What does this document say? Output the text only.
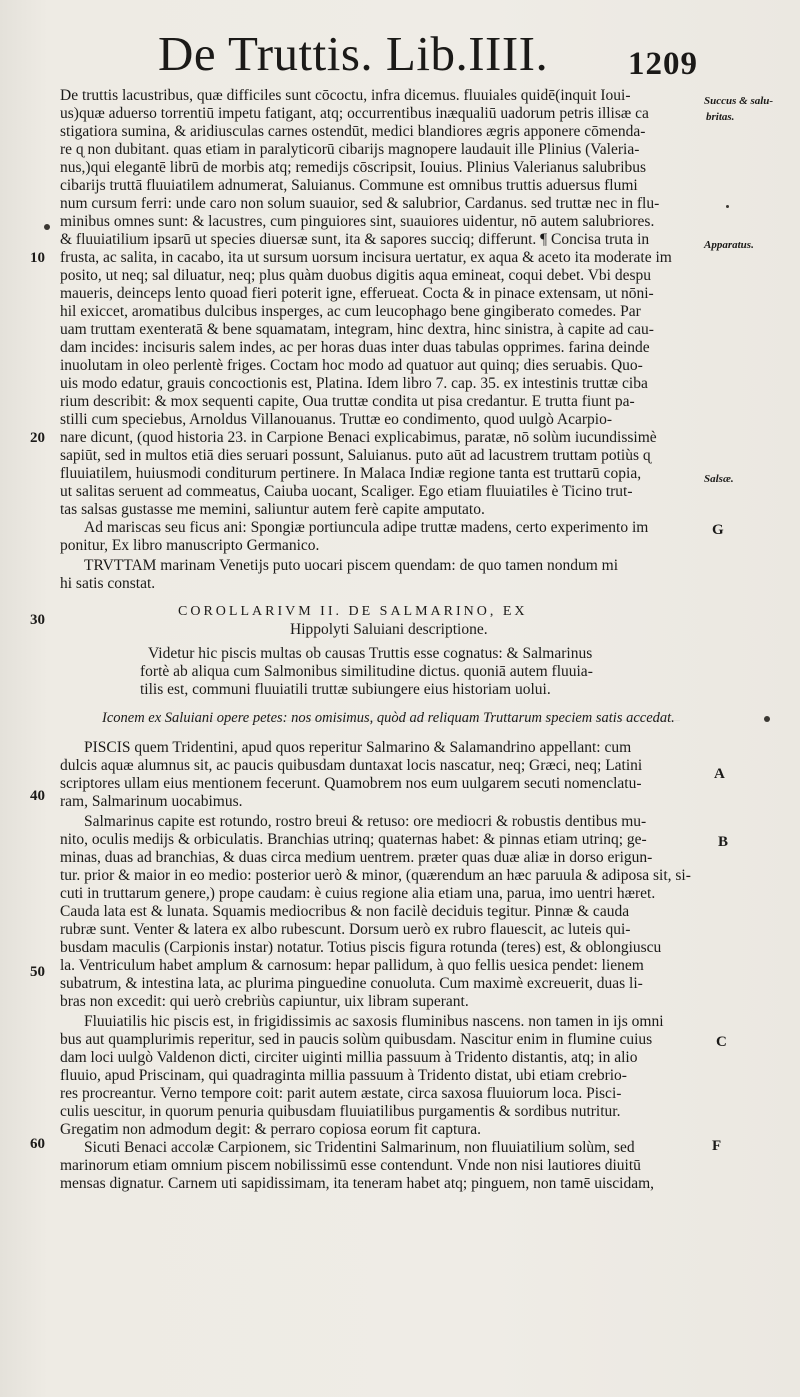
De Truttis. Lib.IIII. 1209
Succus & salu-
britas.
Apparatus.
Salsæ.
G
A
B
C
F
10
20
30
40
50
60
De truttis lacustribus, quæ difficiles sunt cōcoctu, infra dicemus. fluuiales quidē(inquit Ioui-
us)quæ aduerso torrentiū impetu fatigant, atq; occurrentibus inæqualiū uadorum petris illisæ ca
stigatiora sumina, & aridiusculas carnes ostendūt, medici blandiores ægris apponere cōmenda-
re ɋ non dubitant. quas etiam in paralyticorū cibarijs magnopere laudauit ille Plinius (Valeria-
nus,)qui elegantē librū de morbis atq; remedijs cōscripsit, Iouius. Plinius Valerianus salubribus
cibarijs truttā fluuiatilem adnumerat, Saluianus. Commune est omnibus truttis aduersus flumi
num cursum ferri: unde caro non solum suauior, sed & salubrior, Cardanus. sed truttæ nec in flu-
minibus omnes sunt: & lacustres, cum pinguiores sint, suauiores uidentur, nō autem salubriores.
& fluuiatilium ipsarū ut species diuersæ sunt, ita & sapores succiq; differunt. ¶ Concisa truta in
frusta, ac salita, in cacabo, ita ut sursum uorsum incisura uertatur, ex aqua & aceto ita moderate im
posito, ut neq; sal diluatur, neq; plus quàm duobus digitis aqua emineat, coqui debet. Vbi despu
maueris, deinceps lento quoad fieri poterit igne, efferueat. Cocta & in pinace extensam, ut nōni-
hil exiccet, aromatibus dulcibus insperges, ac cum leucophago bene gingiberato comedes. Par
uam truttam exenteratā & bene squamatam, integram, hinc dextra, hinc sinistra, à capite ad cau-
dam incides: incisuris salem indes, ac per horas duas inter duas tabulas opprimes. farina deinde
inuolutam in oleo perlentè friges. Coctam hoc modo ad quatuor aut quinq; dies seruabis. Quo-
uis modo edatur, grauis concoctionis est, Platina. Idem libro 7. cap. 35. ex intestinis truttæ ciba
rium describit: & mox sequenti capite, Oua truttæ condita ut pisa credantur. E trutta fiunt pa-
stilli cum speciebus, Arnoldus Villanouanus. Truttæ eo condimento, quod uulgò Acarpio-
nare dicunt, (quod historia 23. in Carpione Benaci explicabimus, paratæ, nō solùm iucundissimè
sapiūt, sed in multos etiā dies seruari possunt, Saluianus. puto aūt ad lacustrem truttam potiùs ɋ
fluuiatilem, huiusmodi conditurum pertinere. In Malaca Indiæ regione tanta est truttarū copia,
ut salitas seruent ad commeatus, Caiuba uocant, Scaliger. Ego etiam fluuiatiles è Ticino trut-
tas salsas gustasse me memini, saliuntur autem ferè capite amputato.
Ad mariscas seu ficus ani: Spongiæ portiuncula adipe truttæ madens, certo experimento im
ponitur, Ex libro manuscripto Germanico.
TRVTTAM marinam Venetijs puto uocari piscem quendam: de quo tamen nondum mi
hi satis constat.
COROLLARIVM II. DE SALMARINO, EX
Hippolyti Saluiani descriptione.
Videtur hic piscis multas ob causas Truttis esse cognatus: & Salmarinus
fortè ab aliqua cum Salmonibus similitudine dictus. quoniā autem fluuia-
tilis est, communi fluuiatili truttæ subiungere eius historiam uolui.
Iconem ex Saluiani opere petes: nos omisimus, quòd ad reliquam Truttarum speciem satis accedat.
PISCIS quem Tridentini, apud quos reperitur Salmarino & Salamandrino appellant: cum
dulcis aquæ alumnus sit, ac paucis quibusdam duntaxat locis nascatur, neq; Græci, neq; Latini
scriptores ullam eius mentionem fecerunt. Quamobrem nos eum uulgarem secuti nomenclatu-
ram, Salmarinum uocabimus.
Salmarinus capite est rotundo, rostro breui & retuso: ore mediocri & robustis dentibus mu-
nito, oculis medijs & orbiculatis. Branchias utrinq; quaternas habet: & pinnas etiam utrinq; ge-
minas, duas ad branchias, & duas circa medium uentrem. præter quas duæ aliæ in dorso erigun-
tur. prior & maior in eo medio: posterior uerò & minor, (quærendum an hæc paruula & adiposa sit, si-
cuti in truttarum genere,) prope caudam: è cuius regione alia etiam una, parua, imo uentri hæret.
Cauda lata est & lunata. Squamis mediocribus & non facilè deciduis tegitur. Pinnæ & cauda
rubræ sunt. Venter & latera ex albo rubescunt. Dorsum uerò ex rubro flauescit, ac luteis qui-
busdam maculis (Carpionis instar) notatur. Totius piscis figura rotunda (teres) est, & oblongiuscu
la. Ventriculum habet amplum & carnosum: hepar pallidum, à quo fellis uesica pendet: lienem
subatrum, & intestina lata, ac plurima pinguedine conuoluta. Cum maximè excreuerit, duas li-
bras non excedit: qui uerò crebriùs capiuntur, uix libram superant.
Fluuiatilis hic piscis est, in frigidissimis ac saxosis fluminibus nascens. non tamen in ijs omni
bus aut quamplurimis reperitur, sed in paucis solùm quibusdam. Nascitur enim in flumine cuius
dam loci uulgò Valdenon dicti, circiter uiginti millia passuum à Tridento distantis, atq; in alio
fluuio, apud Priscinam, qui quadraginta millia passuum à Tridento distat, ubi etiam crebrio-
res procreantur. Verno tempore coit: parit autem æstate, circa saxosa fluuiorum loca. Pisci-
culis uescitur, in quorum penuria quibusdam fluuiatilibus purgamentis & sordibus nutritur.
Gregatim non admodum degit: & perraro copiosa eorum fit captura.
Sicuti Benaci accolæ Carpionem, sic Tridentini Salmarinum, non fluuiatilium solùm, sed
marinorum etiam omnium piscem nobilissimū esse contendunt. Vnde non nisi lautiores diuitū
mensas dignatur. Carnem uti sapidissimam, ita teneram habet atq; pinguem, non tamē uiscidam,
